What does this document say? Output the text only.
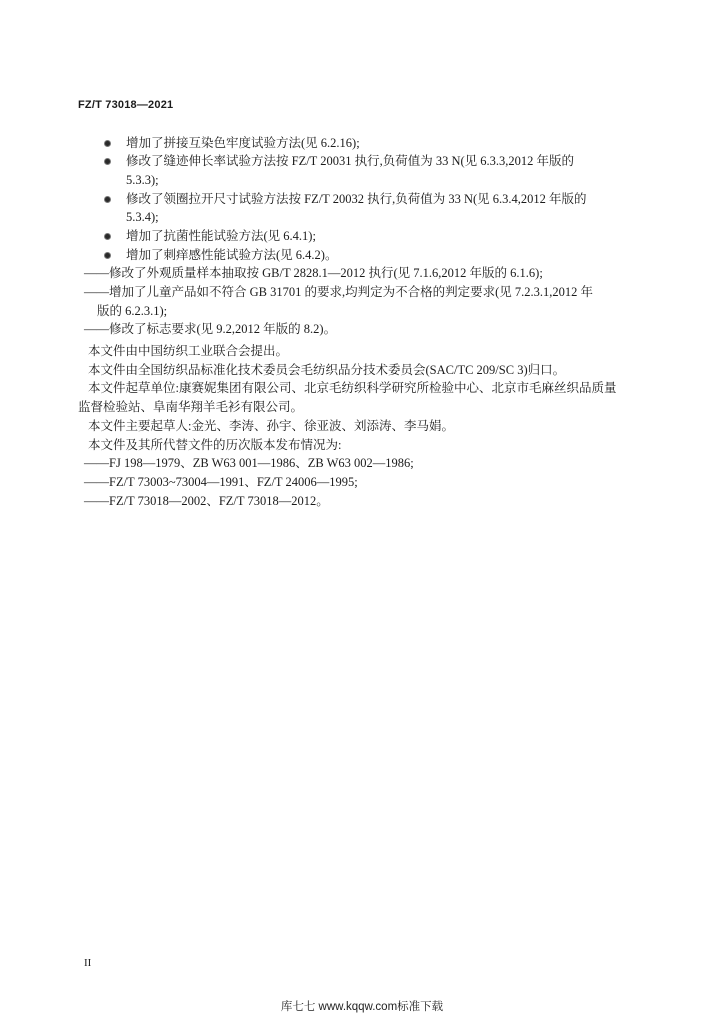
FZ/T 73018—2021
增加了拼接互染色牢度试验方法(见 6.2.16);
修改了缝迹伸长率试验方法按 FZ/T 20031 执行,负荷值为 33 N(见 6.3.3,2012 年版的
5.3.3);
修改了领圈拉开尺寸试验方法按 FZ/T 20032 执行,负荷值为 33 N(见 6.3.4,2012 年版的
5.3.4);
增加了抗菌性能试验方法(见 6.4.1);
增加了刺痒感性能试验方法(见 6.4.2)。
——修改了外观质量样本抽取按 GB/T 2828.1—2012 执行(见 7.1.6,2012 年版的 6.1.6);
——增加了儿童产品如不符合 GB 31701 的要求,均判定为不合格的判定要求(见 7.2.3.1,2012 年
版的 6.2.3.1);
——修改了标志要求(见 9.2,2012 年版的 8.2)。
本文件由中国纺织工业联合会提出。
本文件由全国纺织品标准化技术委员会毛纺织品分技术委员会(SAC/TC 209/SC 3)归口。
本文件起草单位:康赛妮集团有限公司、北京毛纺织科学研究所检验中心、北京市毛麻丝织品质量
监督检验站、阜南华翔羊毛衫有限公司。
本文件主要起草人:金光、李涛、孙宇、徐亚波、刘添涛、李马娟。
本文件及其所代替文件的历次版本发布情况为:
——FJ 198—1979、ZB W63 001—1986、ZB W63 002—1986;
——FZ/T 73003~73004—1991、FZ/T 24006—1995;
——FZ/T 73018—2002、FZ/T 73018—2012。
II
库七七 www.kqqw.com标准下载
